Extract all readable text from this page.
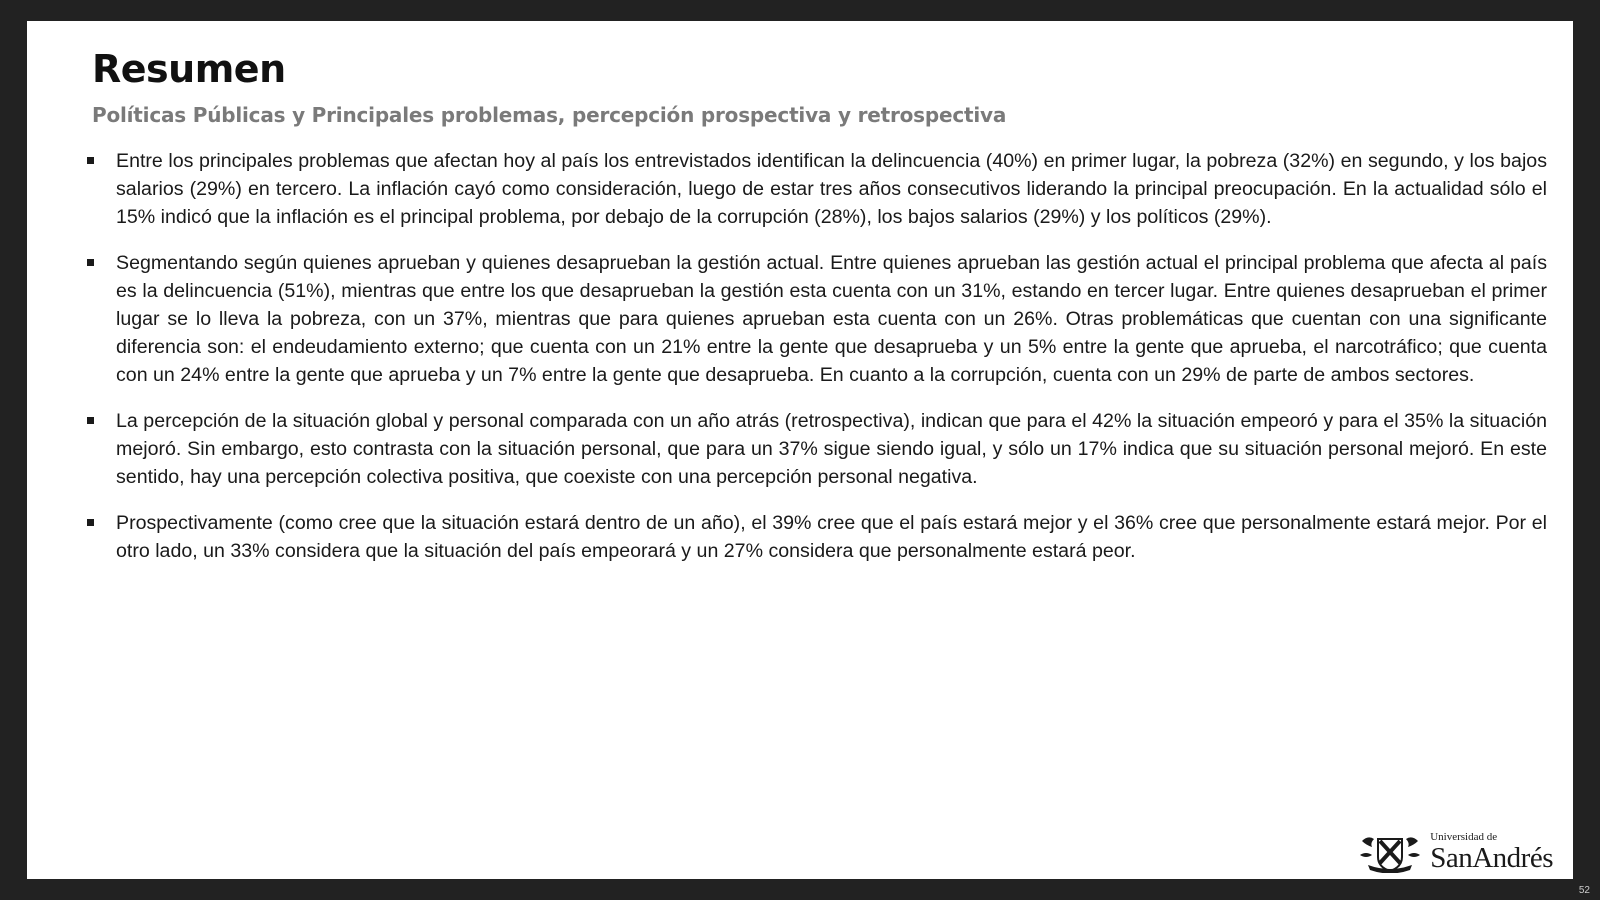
Resumen
Políticas Públicas y Principales problemas, percepción prospectiva y retrospectiva
Entre los principales problemas que afectan hoy al país los entrevistados identifican la delincuencia (40%) en primer lugar, la pobreza (32%) en segundo, y los bajos salarios (29%) en tercero. La inflación cayó como consideración, luego de estar tres años consecutivos liderando la principal preocupación. En la actualidad sólo el 15% indicó que la inflación es el principal problema, por debajo de la corrupción (28%), los bajos salarios (29%) y los políticos (29%).
Segmentando según quienes aprueban y quienes desaprueban la gestión actual. Entre quienes aprueban las gestión actual el principal problema que afecta al país es la delincuencia (51%), mientras que entre los que desaprueban la gestión esta cuenta con un 31%, estando en tercer lugar. Entre quienes desaprueban el primer lugar se lo lleva la pobreza, con un 37%, mientras que para quienes aprueban esta cuenta con un 26%. Otras problemáticas que cuentan con una significante diferencia son: el endeudamiento externo; que cuenta con un 21% entre la gente que desaprueba y un 5% entre la gente que aprueba, el narcotráfico; que cuenta con un 24% entre la gente que aprueba y un 7% entre la gente que desaprueba. En cuanto a la corrupción, cuenta con un 29% de parte de ambos sectores.
La percepción de la situación global y personal comparada con un año atrás (retrospectiva), indican que para el 42% la situación empeoró y para el 35% la situación mejoró. Sin embargo, esto contrasta con la situación personal, que para un 37% sigue siendo igual, y sólo un 17% indica que su situación personal mejoró. En este sentido, hay una percepción colectiva positiva, que coexiste con una percepción personal negativa.
Prospectivamente (como cree que la situación estará dentro de un año), el 39% cree que el país estará mejor y el 36% cree que personalmente estará mejor. Por el otro lado, un 33% considera que la situación del país empeorará y un 27% considera que personalmente estará peor.
Universidad de
SanAndrés
52
